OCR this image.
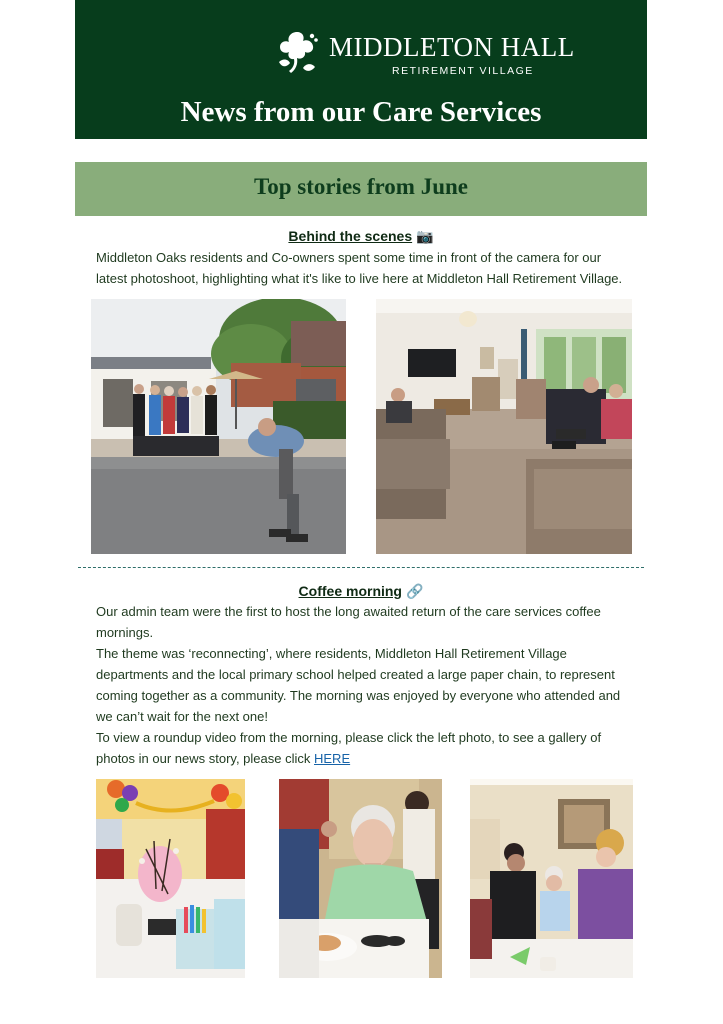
MIDDLETON HALL
RETIREMENT VILLAGE
News from our Care Services
Top stories from June
Behind the scenes 📷

Middleton Oaks residents and Co-owners spent some time in front of the camera for our latest photoshoot, highlighting what it's like to live here at Middleton Hall Retirement Village.

Coffee morning 🔗

Our admin team were the first to host the long awaited return of the care services coffee mornings.

The theme was ‘reconnecting’, where residents, Middleton Hall Retirement Village departments and the local primary school helped created a large paper chain, to represent coming together as a community. The morning was enjoyed by everyone who attended and we can’t wait for the next one!

To view a roundup video from the morning, please click the left photo, to see a gallery of photos in our news story, please click HERE
